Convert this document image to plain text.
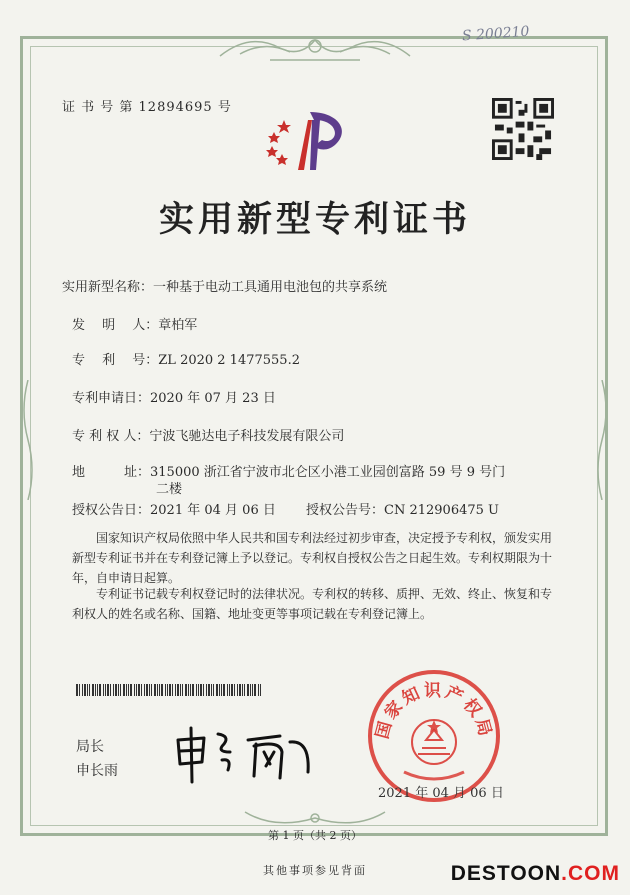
S 200210
证 书 号 第 12894695 号
实用新型专利证书
实用新型名称：一种基于电动工具通用电池包的共享系统
发　 明　 人：章柏军
专　 利　 号：ZL 2020 2 1477555.2
专利申请日：2020 年 07 月 23 日
专 利 权 人：宁波飞驰达电子科技发展有限公司
地　　　址：315000 浙江省宁波市北仑区小港工业园创富路 59 号 9 号门
二楼
授权公告日：2021 年 04 月 06 日 授权公告号：CN 212906475 U
国家知识产权局依照中华人民共和国专利法经过初步审查，决定授予专利权，颁发实用新型专利证书并在专利登记簿上予以登记。专利权自授权公告之日起生效。专利权期限为十年，自申请日起算。
专利证书记载专利权登记时的法律状况。专利权的转移、质押、无效、终止、恢复和专利权人的姓名或名称、国籍、地址变更等事项记载在专利登记簿上。
局长
申长雨
国家知识产权局
2021 年 04 月 06 日
第 1 页（共 2 页）
其他事项参见背面	DESTOON.COM
